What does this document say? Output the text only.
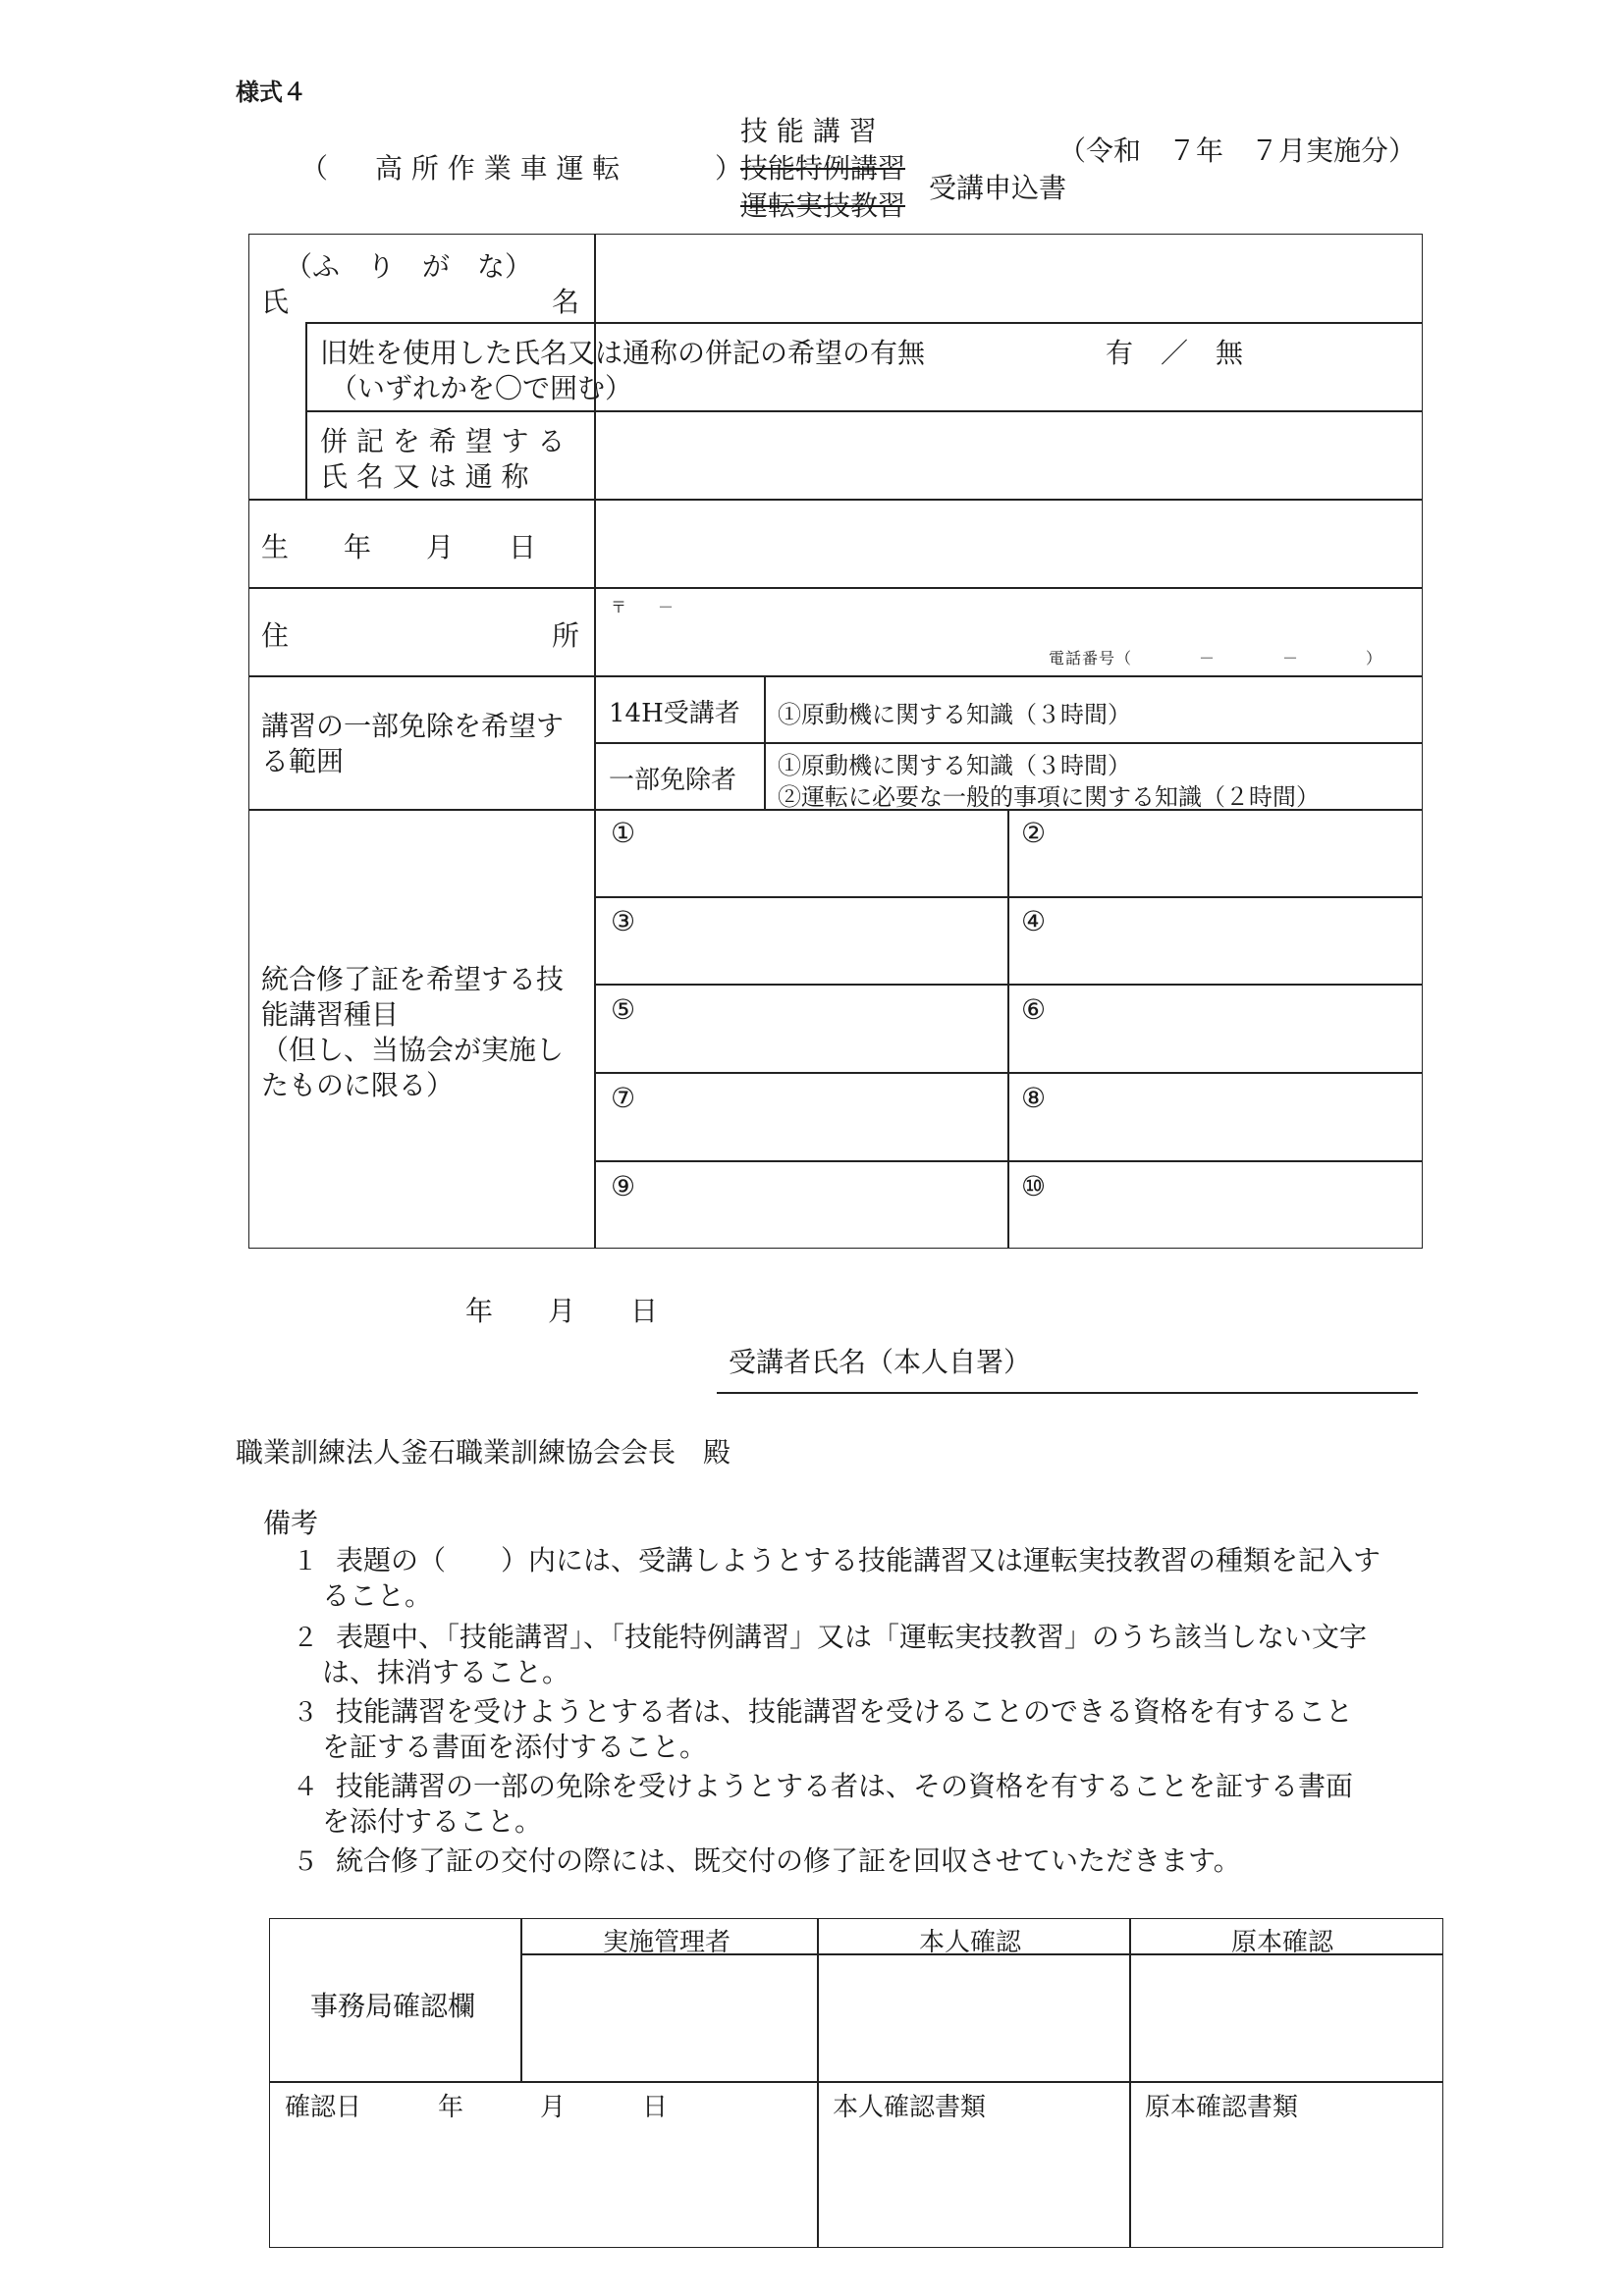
様式４
（ 高 所 作 業 車 運 転	）
技 能 講 習
技能特例講習
運転実技教習
受講申込書
（令和　７年　７月実施分）
（ふ　り　が　な）
氏	名
旧姓を使用した氏名又は通称の併記の希望の有無
（いずれかを〇で囲む）
有　／　無
併 記 を 希 望 す る
氏 名 又 は 通 称
生　　年　　月　　日
住	所
〒　　－
電話番号（　　　　－　　　　－　　　　）
講習の一部免除を希望する範囲
14H受講者 ①原動機に関する知識（３時間）
一部免除者 ①原動機に関する知識（３時間）
②運転に必要な一般的事項に関する知識（２時間）
統合修了証を希望する技能講習種目
（但し、当協会が実施したものに限る）
①	②
③	④
⑤	⑥
⑦	⑧
⑨	⑩
年　　月　　日
受講者氏名（本人自署）
職業訓練法人釜石職業訓練協会会長　殿
備考
１ 表題の（　　）内には、受講しようとする技能講習又は運転実技教習の種類を記入す
ること。
２ 表題中、「技能講習」、「技能特例講習」又は「運転実技教習」のうち該当しない文字
は、抹消すること。
３ 技能講習を受けようとする者は、技能講習を受けることのできる資格を有すること
を証する書面を添付すること。
４ 技能講習の一部の免除を受けようとする者は、その資格を有することを証する書面
を添付すること。
５ 統合修了証の交付の際には、既交付の修了証を回収させていただきます。
事務局確認欄
実施管理者	本人確認	原本確認
確認日　　　年　　　月　　　日	本人確認書類	原本確認書類
